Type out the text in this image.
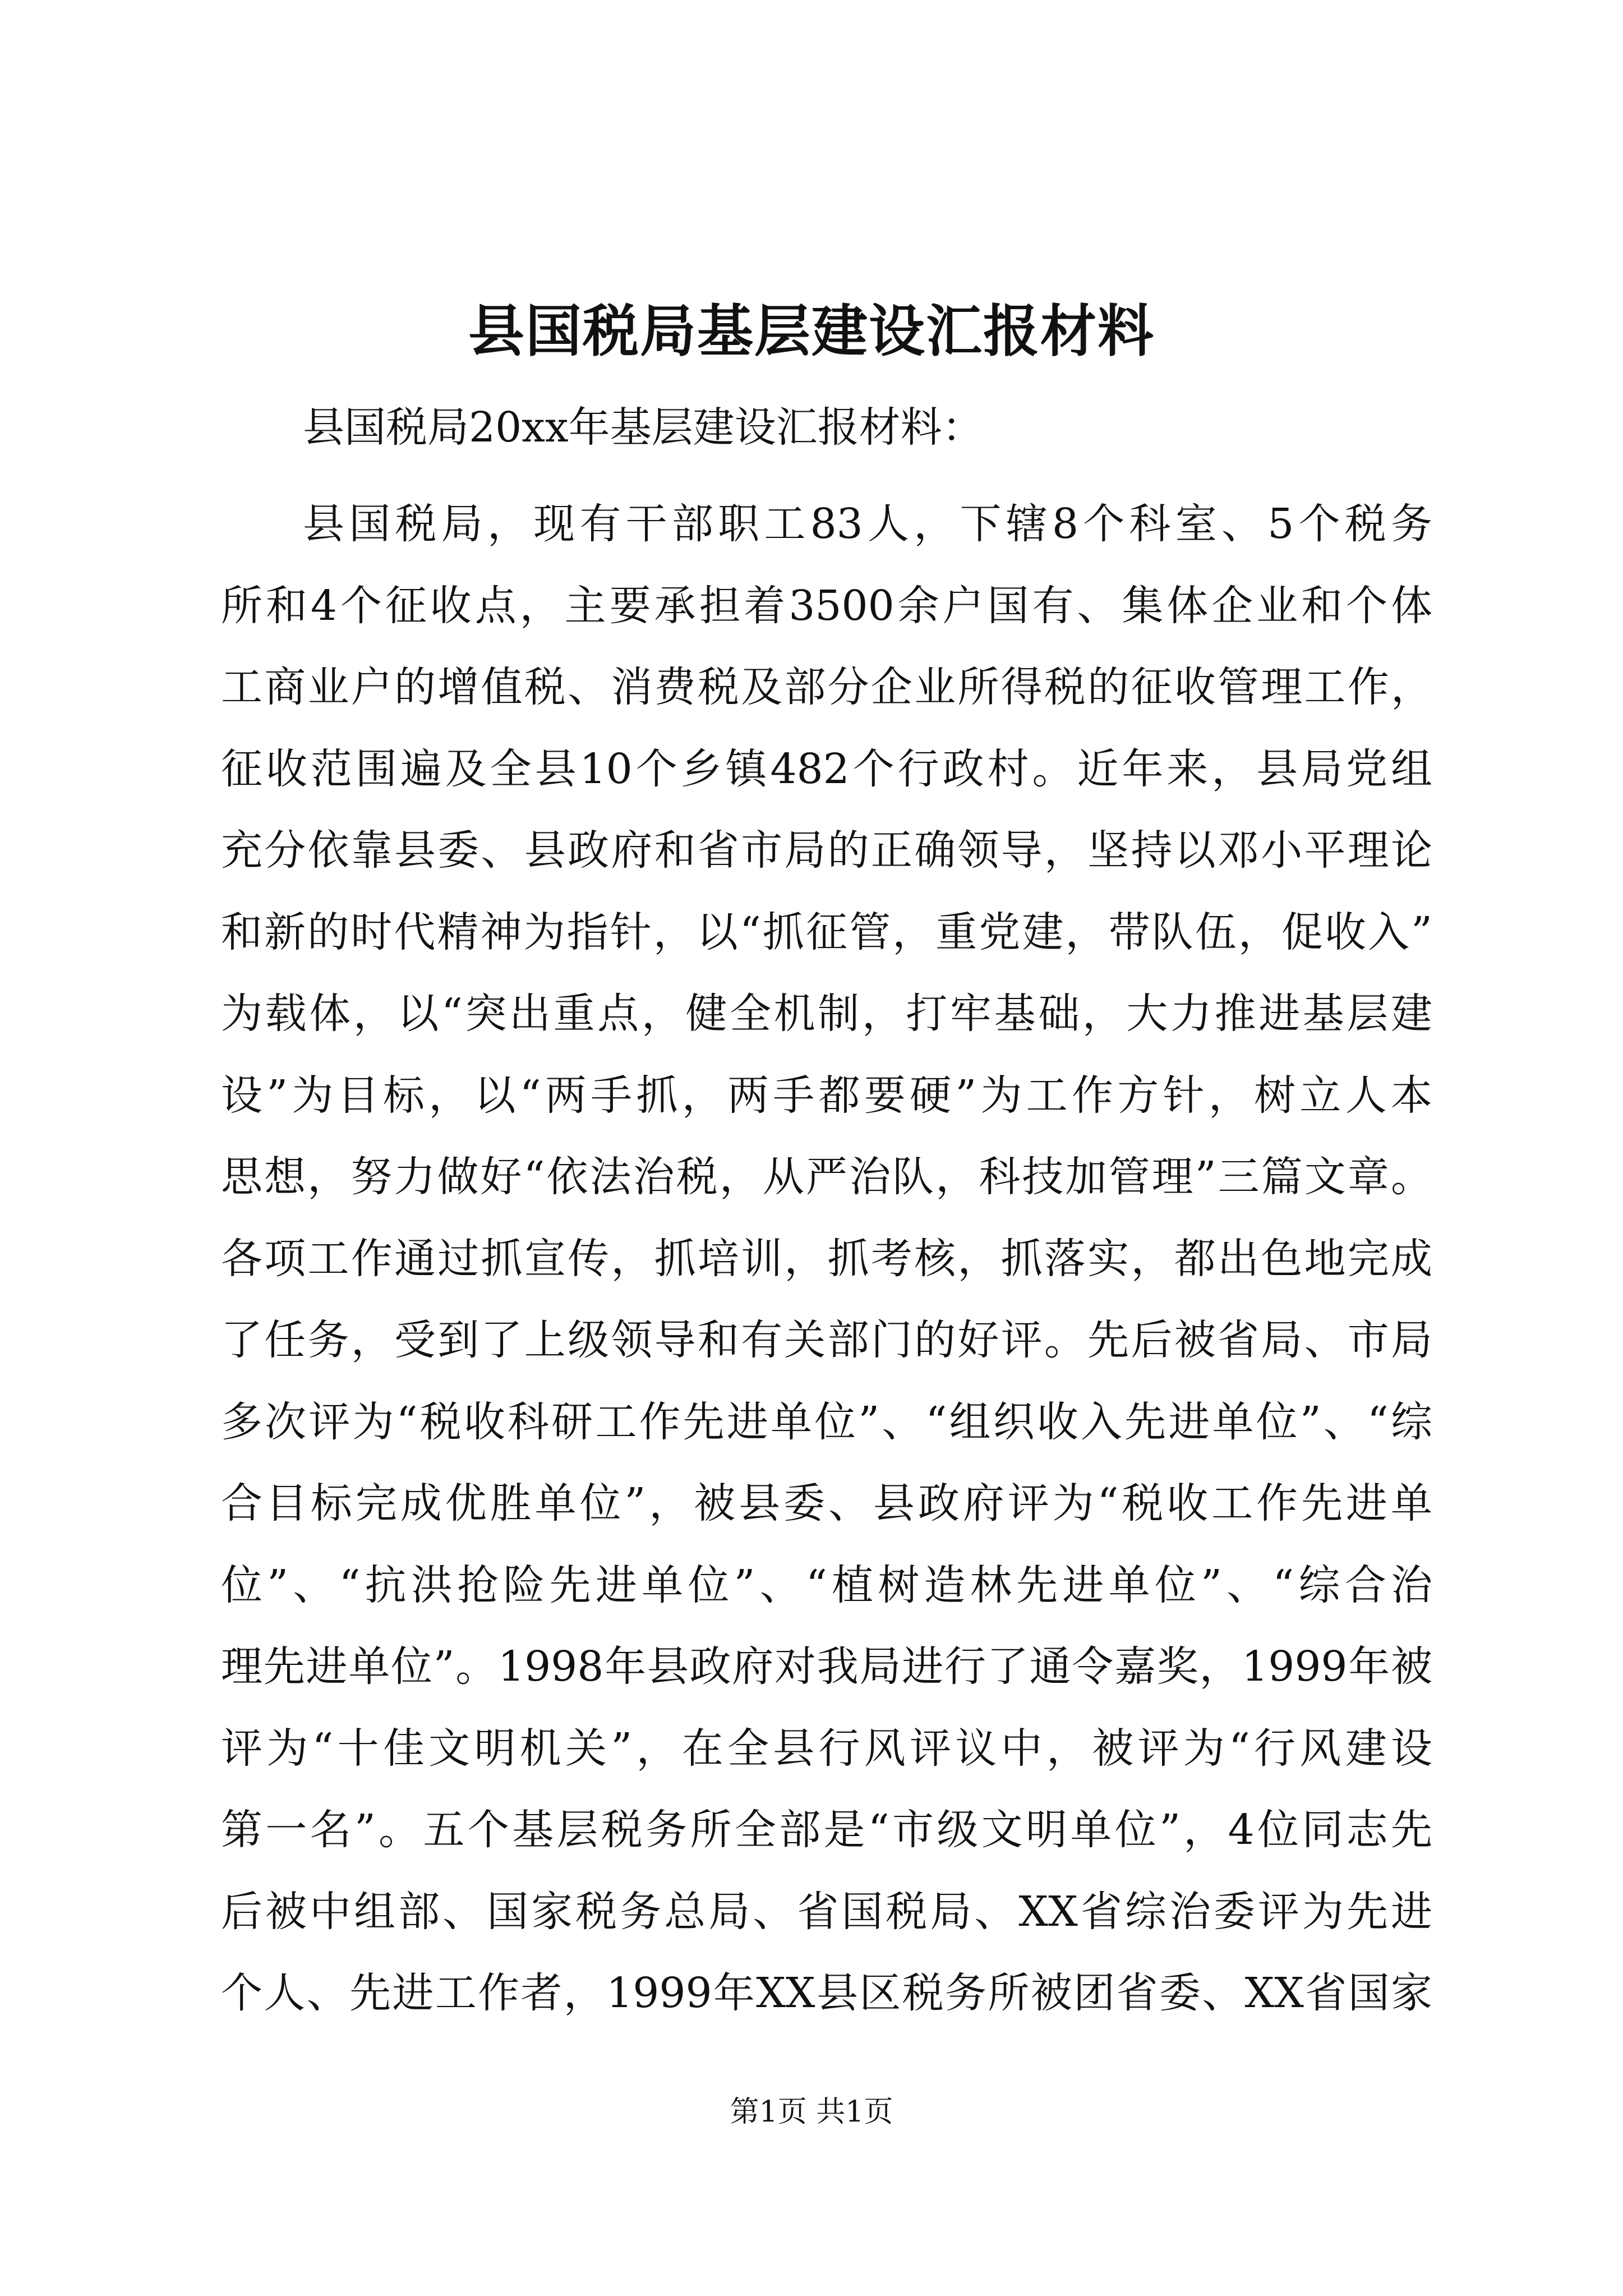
县国税局基层建设汇报材料

县国税局20xx年基层建设汇报材料：

县国税局，现有干部职工83人，下辖8个科室、5个税务
所和4个征收点，主要承担着3500余户国有、集体企业和个体
工商业户的增值税、消费税及部分企业所得税的征收管理工作，
征收范围遍及全县10个乡镇482个行政村。近年来，县局党组
充分依靠县委、县政府和省市局的正确领导，坚持以邓小平理论
和新的时代精神为指针，以“抓征管，重党建，带队伍，促收入”
为载体，以“突出重点，健全机制，打牢基础，大力推进基层建
设”为目标，以“两手抓，两手都要硬”为工作方针，树立人本
思想，努力做好“依法治税，从严治队，科技加管理”三篇文章。
各项工作通过抓宣传，抓培训，抓考核，抓落实，都出色地完成
了任务，受到了上级领导和有关部门的好评。先后被省局、市局
多次评为“税收科研工作先进单位”、“组织收入先进单位”、“综
合目标完成优胜单位”，被县委、县政府评为“税收工作先进单
位”、“抗洪抢险先进单位”、“植树造林先进单位”、“综合治
理先进单位”。1998年县政府对我局进行了通令嘉奖，1999年被
评为“十佳文明机关”，在全县行风评议中，被评为“行风建设
第一名”。五个基层税务所全部是“市级文明单位”，4位同志先
后被中组部、国家税务总局、省国税局、XX省综治委评为先进
个人、先进工作者，1999年XX县区税务所被团省委、XX省国家

第1页 共1页
